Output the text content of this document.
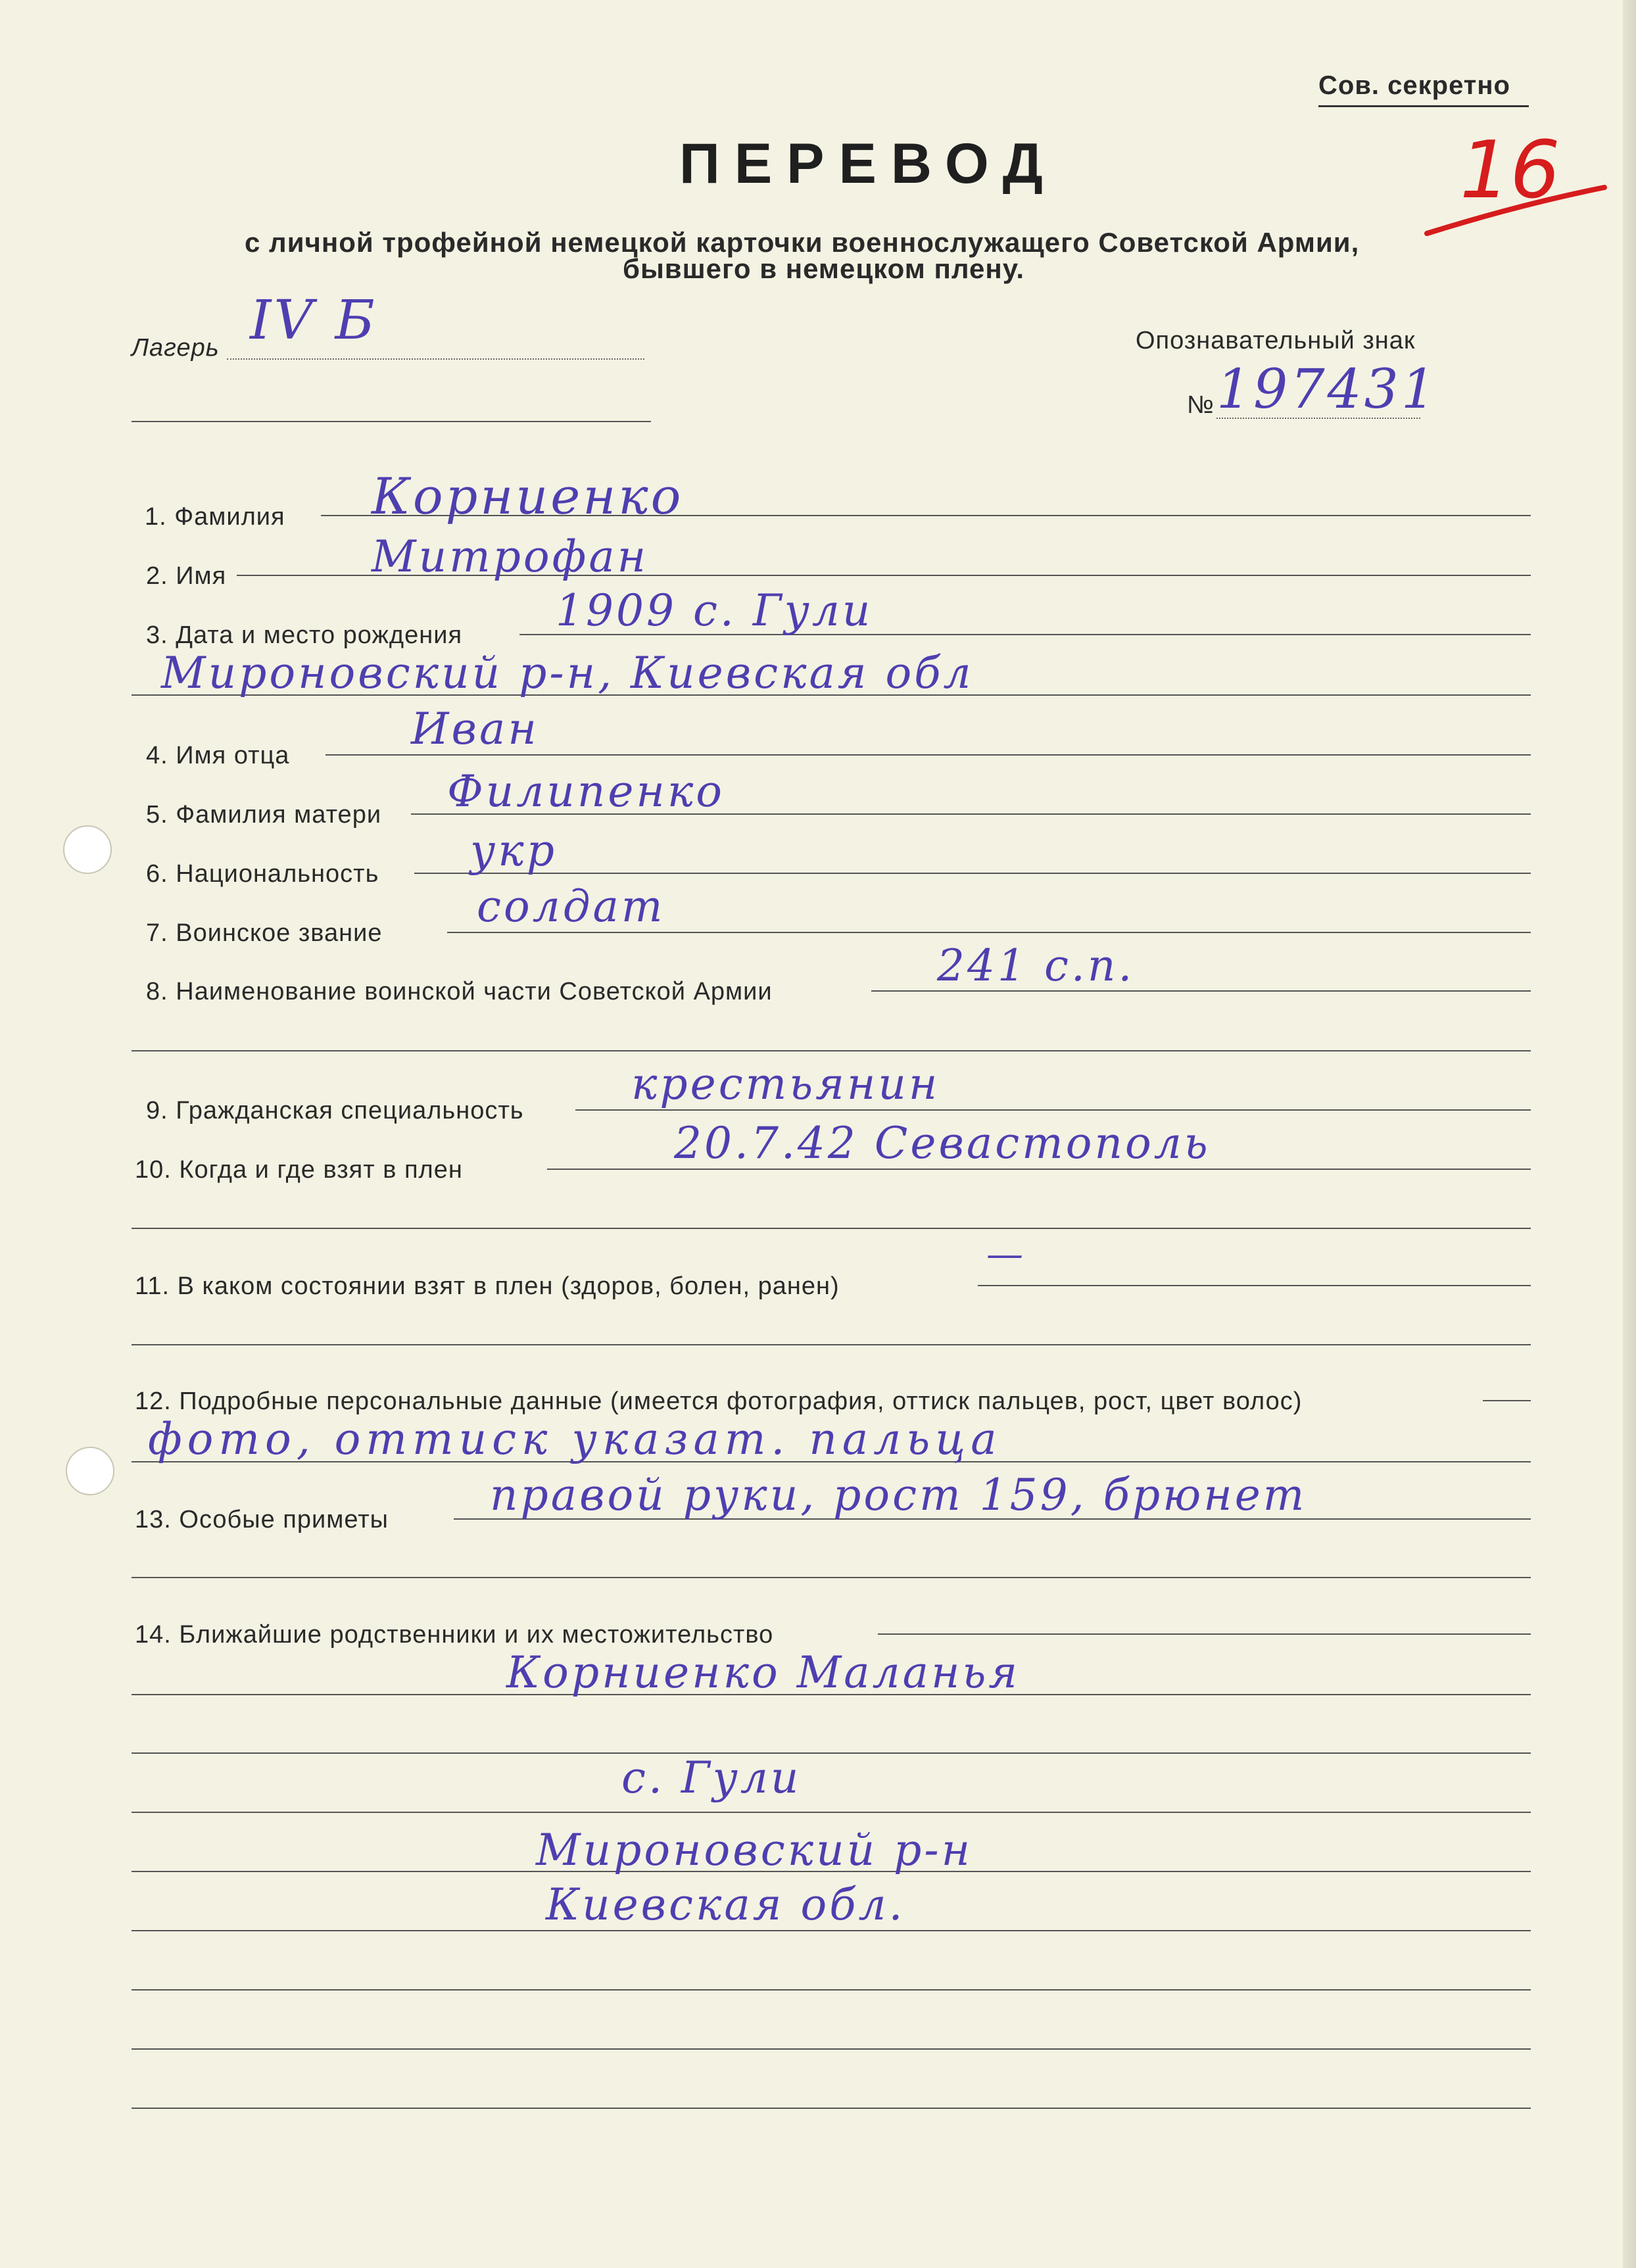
Сов. секретно
16
ПЕРЕВОД
с личной трофейной немецкой карточки военнослужащего Советской Армии,
бывшего в немецком плену.
Лагерь IV Б	Опознавательный знак
№ 197431
1. Фамилия Корниенко
2. Имя	Митрофан
3. Дата и место рождения 1909 с. Гули
Мироновский р-н, Киевская обл
4. Имя отца
Иван
5. Фамилия матери Филипенко
6. Национальность укр
7. Воинское звание
солдат
8. Наименование воинской части Советской Армии
241 с.п.
9. Гражданская специальность
крестьянин
10. Когда и где взят в плен
20.7.42 Севастополь
11. В каком состоянии взят в плен (здоров, болен, ранен)
—
12. Подробные персональные данные (имеется фотография, оттиск пальцев, рост, цвет волос)
фото, оттиск указат. пальца
13. Особые приметы правой руки, рост 159, брюнет
14. Ближайшие родственники и их местожительство
Корниенко Маланья
с. Гули
Мироновский р-н
Киевская обл.
